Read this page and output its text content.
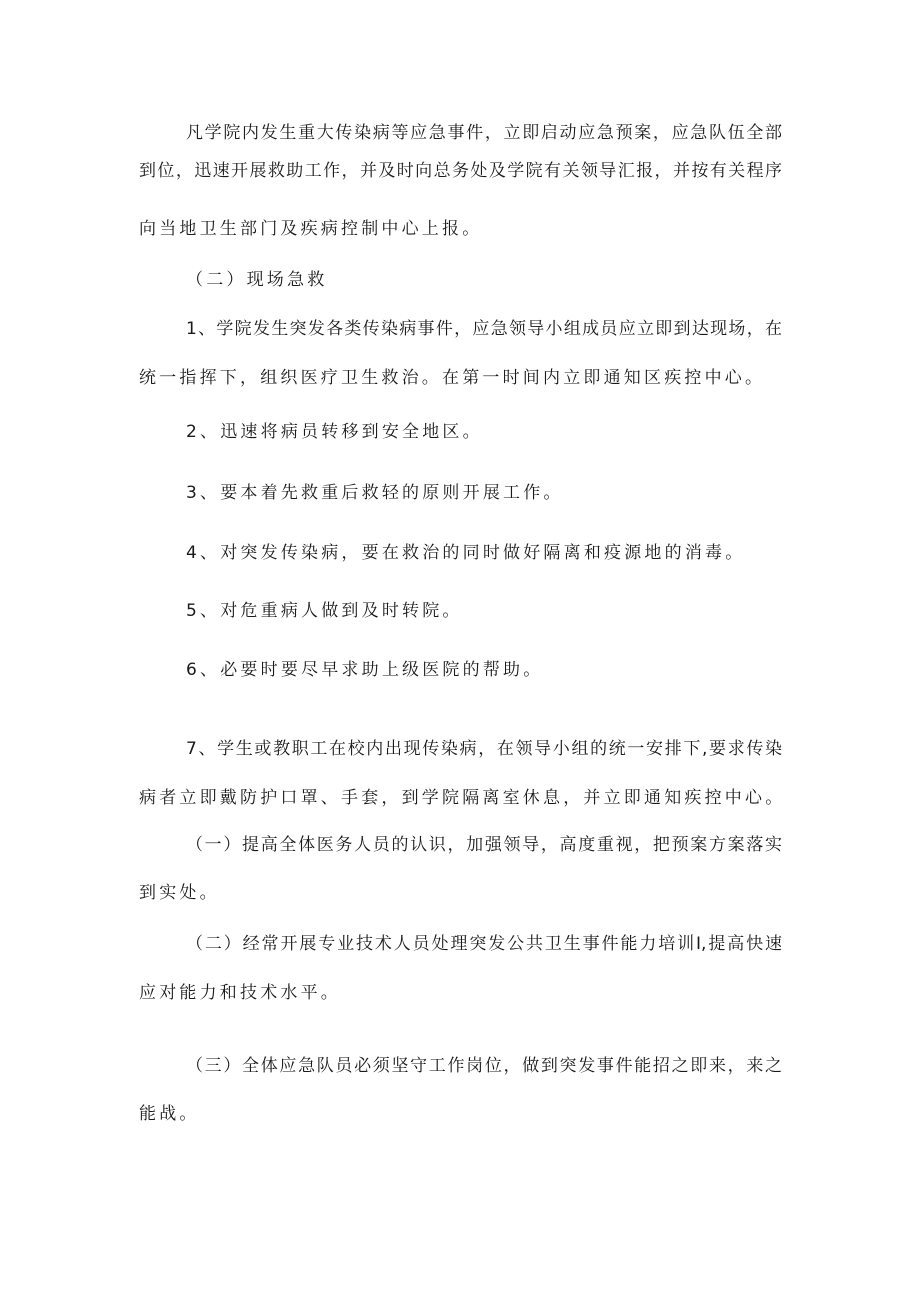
凡学院内发生重大传染病等应急事件，立即启动应急预案，应急队伍全部

到位，迅速开展救助工作，并及时向总务处及学院有关领导汇报，并按有关程序

向当地卫生部门及疾病控制中心上报。

（二）现场急救

1、学院发生突发各类传染病事件，应急领导小组成员应立即到达现场，在

统一指挥下，组织医疗卫生救治。在第一时间内立即通知区疾控中心。

2、迅速将病员转移到安全地区。

3、要本着先救重后救轻的原则开展工作。

4、对突发传染病，要在救治的同时做好隔离和疫源地的消毒。

5、对危重病人做到及时转院。

6、必要时要尽早求助上级医院的帮助。

7、学生或教职工在校内出现传染病，在领导小组的统一安排下,要求传染

病者立即戴防护口罩、手套，到学院隔离室休息，并立即通知疾控中心。

（一）提高全体医务人员的认识，加强领导，高度重视，把预案方案落实

到实处。

（二）经常开展专业技术人员处理突发公共卫生事件能力培训I,提高快速

应对能力和技术水平。

（三）全体应急队员必须坚守工作岗位，做到突发事件能招之即来，来之

能战。
